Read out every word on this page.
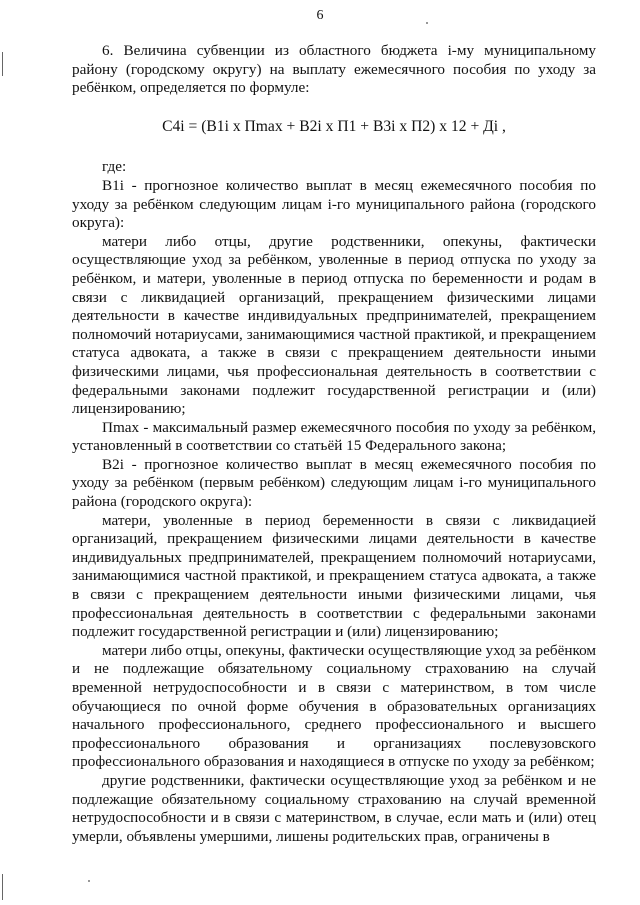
6

6. Величина субвенции из областного бюджета i-му муниципальному району (городскому округу) на выплату ежемесячного пособия по уходу за ребёнком, определяется по формуле:

С4i = (В1i х Пmax + В2i х П1 + В3i х П2) х 12 + Дi ,

где:

В1i - прогнозное количество выплат в месяц ежемесячного пособия по уходу за ребёнком следующим лицам i-го муниципального района (городского округа):

матери либо отцы, другие родственники, опекуны, фактически осуществляющие уход за ребёнком, уволенные в период отпуска по уходу за ребёнком, и матери, уволенные в период отпуска по беременности и родам в связи с ликвидацией организаций, прекращением физическими лицами деятельности в качестве индивидуальных предпринимателей, прекращением полномочий нотариусами, занимающимися частной практикой, и прекращением статуса адвоката, а также в связи с прекращением деятельности иными физическими лицами, чья профессиональная деятельность в соответствии с федеральными законами подлежит государственной регистрации и (или) лицензированию;

Пmax - максимальный размер ежемесячного пособия по уходу за ребёнком, установленный в соответствии со статьёй 15 Федерального закона;

В2i - прогнозное количество выплат в месяц ежемесячного пособия по уходу за ребёнком (первым ребёнком) следующим лицам i-го муниципального района (городского округа):

матери, уволенные в период беременности в связи с ликвидацией организаций, прекращением физическими лицами деятельности в качестве индивидуальных предпринимателей, прекращением полномочий нотариусами, занимающимися частной практикой, и прекращением статуса адвоката, а также в связи с прекращением деятельности иными физическими лицами, чья профессиональная деятельность в соответствии с федеральными законами подлежит государственной регистрации и (или) лицензированию;

матери либо отцы, опекуны, фактически осуществляющие уход за ребёнком и не подлежащие обязательному социальному страхованию на случай временной нетрудоспособности и в связи с материнством, в том числе обучающиеся по очной форме обучения в образовательных организациях начального профессионального, среднего профессионального и высшего профессионального образования и организациях послевузовского профессионального образования и находящиеся в отпуске по уходу за ребёнком;

другие родственники, фактически осуществляющие уход за ребёнком и не подлежащие обязательному социальному страхованию на случай временной нетрудоспособности и в связи с материнством, в случае, если мать и (или) отец умерли, объявлены умершими, лишены родительских прав, ограничены в
